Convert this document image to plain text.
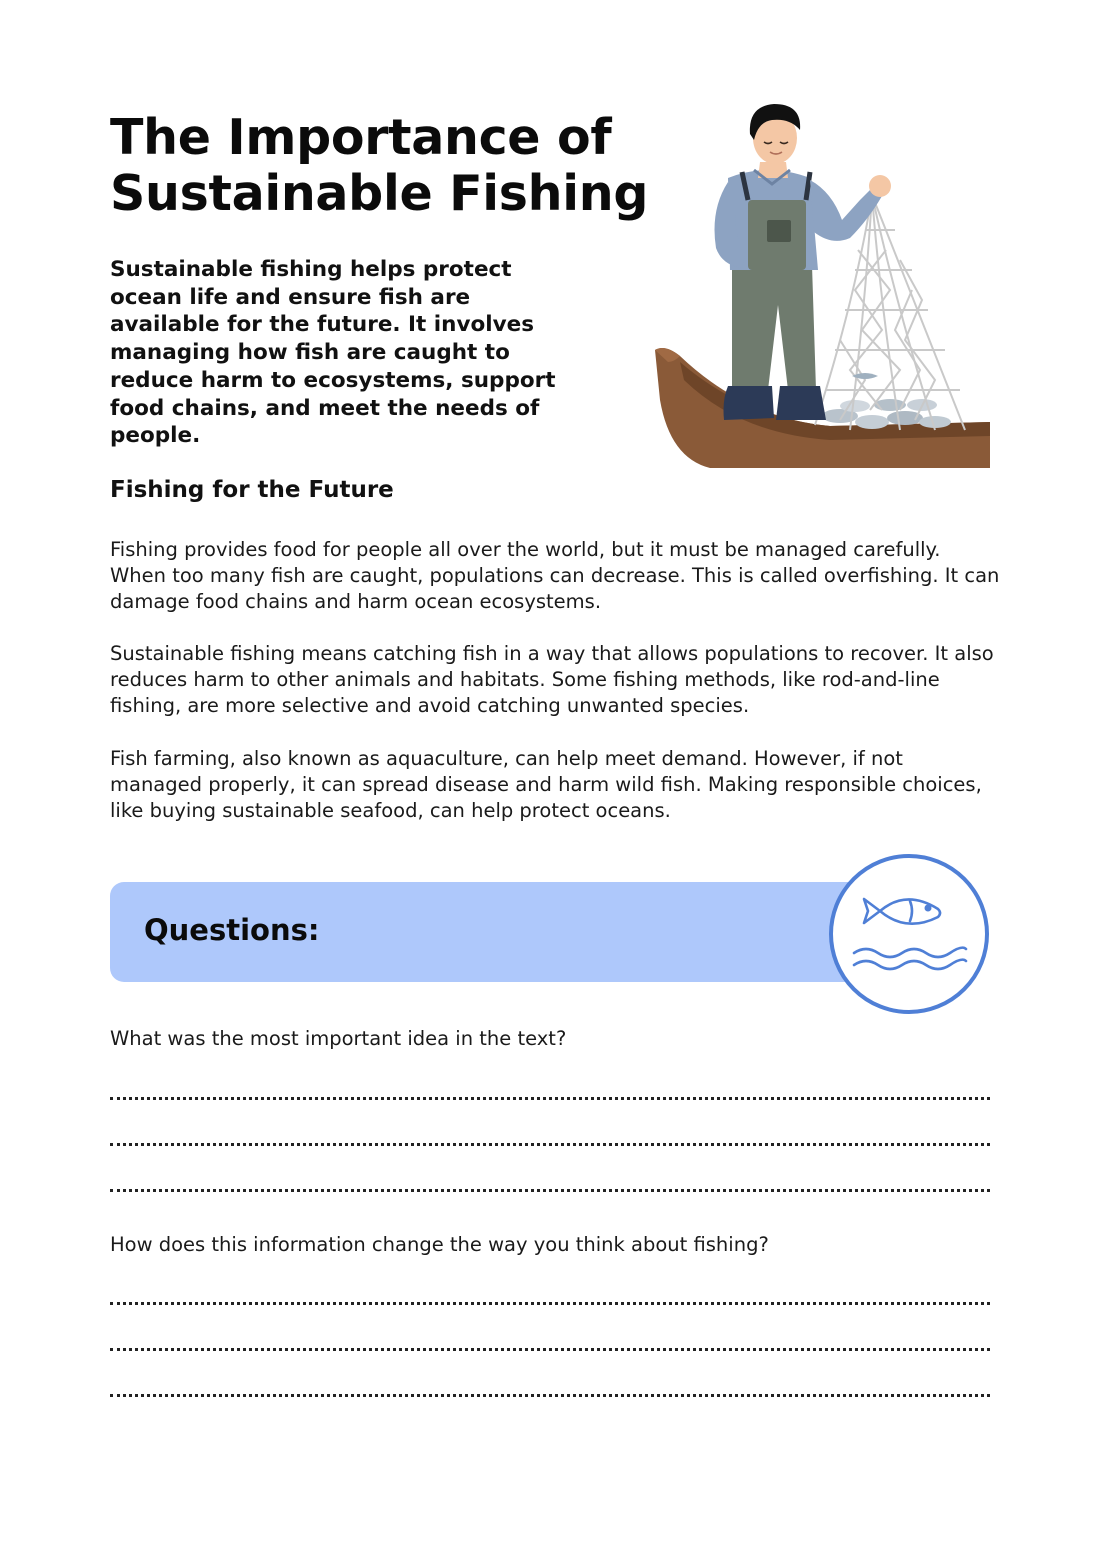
The Importance of
Sustainable Fishing

Sustainable fishing helps protect ocean life and ensure fish are available for the future. It involves managing how fish are caught to reduce harm to ecosystems, support food chains, and meet the needs of people.

Fishing for the Future

Fishing provides food for people all over the world, but it must be managed carefully. When too many fish are caught, populations can decrease. This is called overfishing. It can damage food chains and harm ocean ecosystems.

Sustainable fishing means catching fish in a way that allows populations to recover. It also reduces harm to other animals and habitats. Some fishing methods, like rod-and-line fishing, are more selective and avoid catching unwanted species.

Fish farming, also known as aquaculture, can help meet demand. However, if not managed properly, it can spread disease and harm wild fish. Making responsible choices, like buying sustainable seafood, can help protect oceans.

Questions:

What was the most important idea in the text?

How does this information change the way you think about fishing?
